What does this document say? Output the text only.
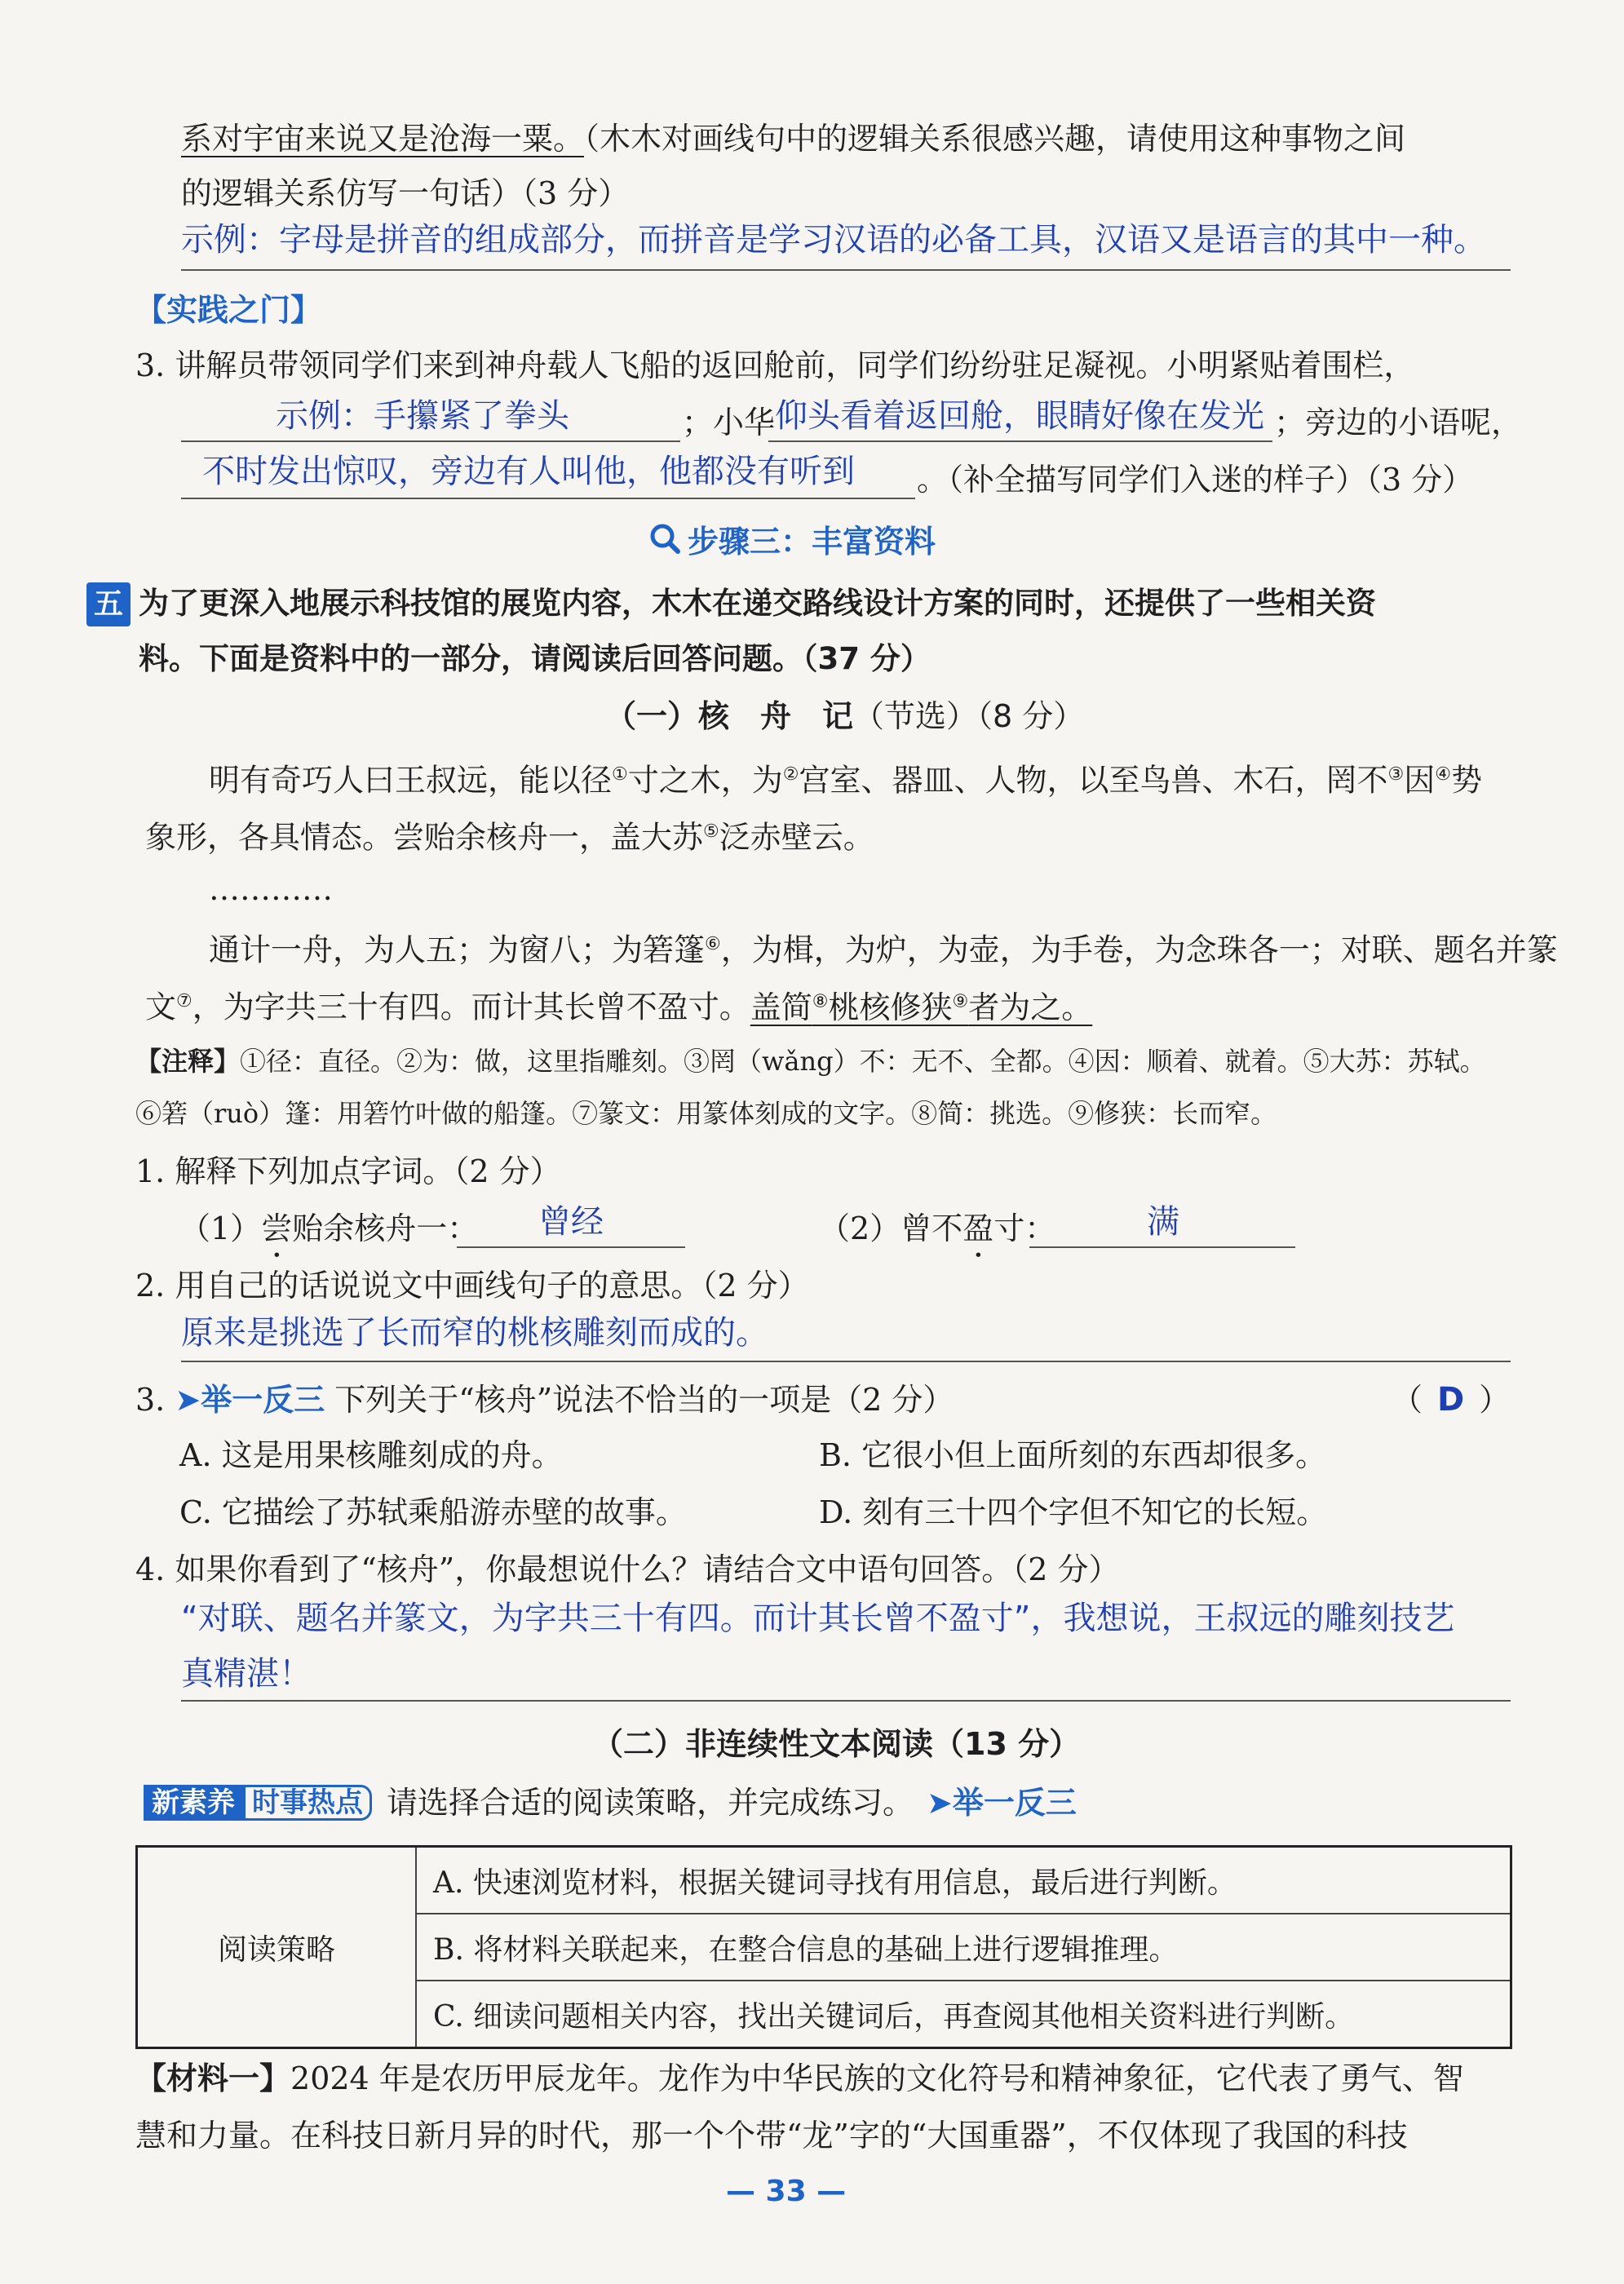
系对宇宙来说又是沧海一粟。（木木对画线句中的逻辑关系很感兴趣，请使用这种事物之间
的逻辑关系仿写一句话）（3 分）
示例：字母是拼音的组成部分，而拼音是学习汉语的必备工具，汉语又是语言的其中一种。
【实践之门】
3. 讲解员带领同学们来到神舟载人飞船的返回舱前，同学们纷纷驻足凝视。小明紧贴着围栏，
示例：手攥紧了拳头	；小华 仰头看着返回舱，眼睛好像在发光 ；旁边的小语呢，
不时发出惊叹，旁边有人叫他，他都没有听到 。（补全描写同学们入迷的样子）（3 分）
步骤三：丰富资料
五 为了更深入地展示科技馆的展览内容，木木在递交路线设计方案的同时，还提供了一些相关资
料。下面是资料中的一部分，请阅读后回答问题。（37 分）
（一）核　舟　记（节选）（8 分）
明有奇巧人曰王叔远，能以径①寸之木，为②宫室、器皿、人物，以至鸟兽、木石，罔不③因④势
象形，各具情态。尝贻余核舟一，盖大苏⑤泛赤壁云。
…………
通计一舟，为人五；为窗八；为箬篷⑥，为楫，为炉，为壶，为手卷，为念珠各一；对联、题名并篆
文⑦，为字共三十有四。而计其长曾不盈寸。盖简⑧桃核修狭⑨者为之。
【注释】①径：直径。②为：做，这里指雕刻。③罔（wǎng）不：无不、全都。④因：顺着、就着。⑤大苏：苏轼。
⑥箬（ruò）篷：用箬竹叶做的船篷。⑦篆文：用篆体刻成的文字。⑧简：挑选。⑨修狭：长而窄。
1. 解释下列加点字词。（2 分）
（1）尝贻余核舟一： 曾经	（2）曾不盈寸：	满
2. 用自己的话说说文中画线句子的意思。（2 分）
原来是挑选了长而窄的桃核雕刻而成的。
3. ➤举一反三 下列关于“核舟”说法不恰当的一项是（2 分）	（ D ）
A. 这是用果核雕刻成的舟。	B. 它很小但上面所刻的东西却很多。
C. 它描绘了苏轼乘船游赤壁的故事。	D. 刻有三十四个字但不知它的长短。
4. 如果你看到了“核舟”，你最想说什么？请结合文中语句回答。（2 分）
“对联、题名并篆文，为字共三十有四。而计其长曾不盈寸”，我想说，王叔远的雕刻技艺
真精湛！
（二）非连续性文本阅读（13 分）
新素养 时事热点 请选择合适的阅读策略，并完成练习。 ➤举一反三
阅读策略	A. 快速浏览材料，根据关键词寻找有用信息，最后进行判断。
B. 将材料关联起来，在整合信息的基础上进行逻辑推理。
C. 细读问题相关内容，找出关键词后，再查阅其他相关资料进行判断。
【材料一】2024 年是农历甲辰龙年。龙作为中华民族的文化符号和精神象征，它代表了勇气、智
慧和力量。在科技日新月异的时代，那一个个带“龙”字的“大国重器”，不仅体现了我国的科技
— 33 —
